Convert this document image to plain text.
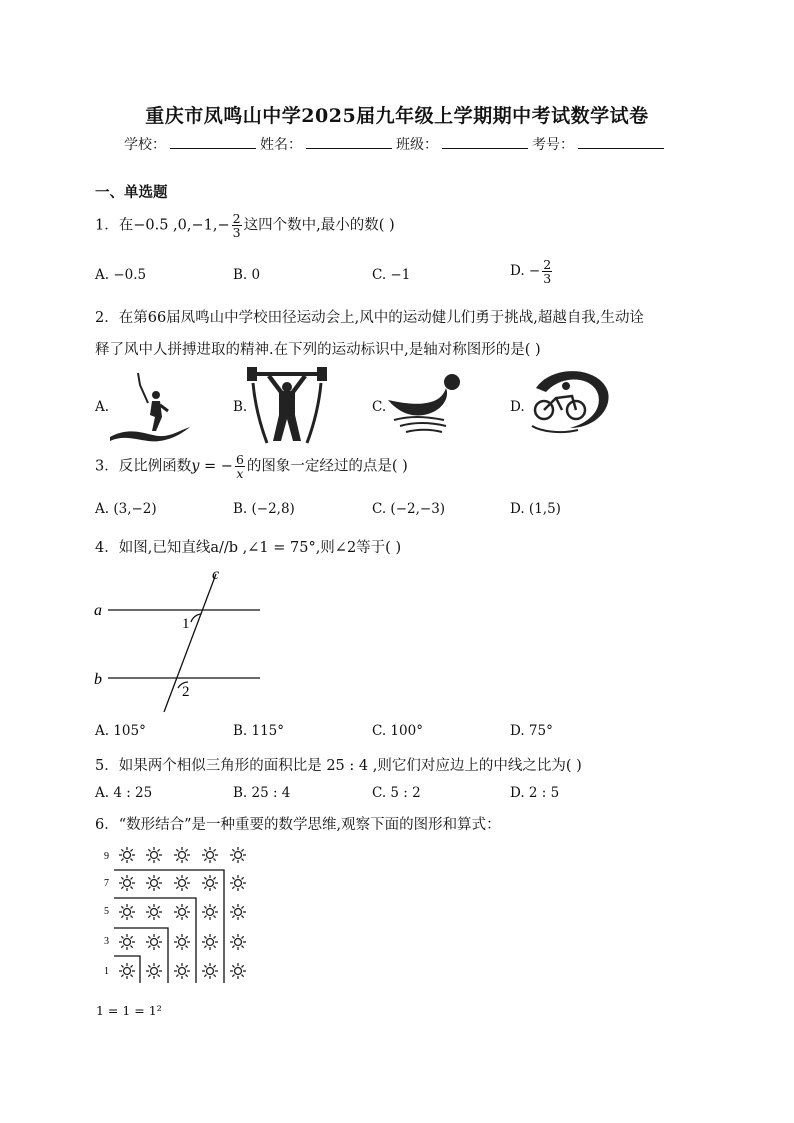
重庆市凤鸣山中学2025届九年级上学期期中考试数学试卷
学校：	姓名：	班级：	考号：
一、单选题
1．在−0.5 $,0,-1,- \frac{2}{3}$ 这四个数中,最小的数( )
A. −0.5	B. 0	C. −1	D. − $\frac{2}{3}$
2．在第66届凤鸣山中学校田径运动会上,风中的运动健儿们勇于挑战,超越自我,生动诠
释了风中人拼搏进取的精神.在下列的运动标识中,是轴对称图形的是( )
A.	B.	C.	D.
3．反比例函数y = − $\frac{6}{x}$ 的图象一定经过的点是( )
A. (3,−2)	B. (−2,8)	C. (−2,−3)	D. (1,5)
4．如图,已知直线a//b ,∠1 = 75°,则∠2等于( )
a
b
c
1
2
A. 105°	B. 115°	C. 100°	D. 75°
5．如果两个相似三角形的面积比是 25 : 4 ,则它们对应边上的中线之比为( )
A. 4 : 25	B. 25 : 4	C. 5 : 2	D. 2 : 5
6．“数形结合”是一种重要的数学思维,观察下面的图形和算式：
9
7
5
3
1
1 = 1 = 1²
